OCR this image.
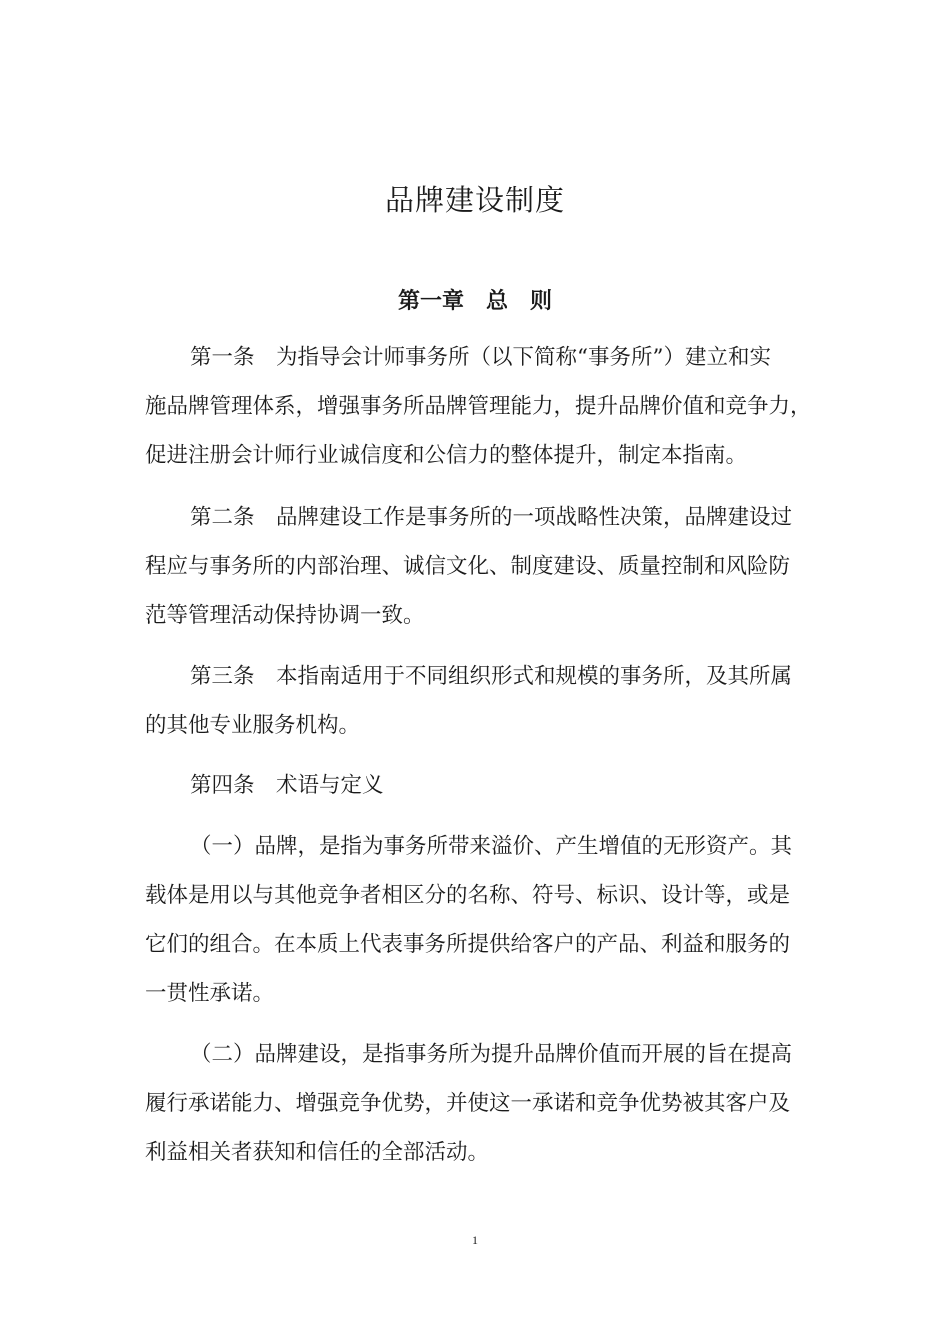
品牌建设制度
第一章　总　则

第一条　为指导会计师事务所（以下简称“事务所”）建立和实

施品牌管理体系，增强事务所品牌管理能力，提升品牌价值和竞争力，

促进注册会计师行业诚信度和公信力的整体提升，制定本指南。

第二条　品牌建设工作是事务所的一项战略性决策，品牌建设过

程应与事务所的内部治理、诚信文化、制度建设、质量控制和风险防

范等管理活动保持协调一致。

第三条　本指南适用于不同组织形式和规模的事务所，及其所属

的其他专业服务机构。

第四条　术语与定义

（一）品牌，是指为事务所带来溢价、产生增值的无形资产。其

载体是用以与其他竞争者相区分的名称、符号、标识、设计等，或是

它们的组合。在本质上代表事务所提供给客户的产品、利益和服务的

一贯性承诺。

（二）品牌建设，是指事务所为提升品牌价值而开展的旨在提高

履行承诺能力、增强竞争优势，并使这一承诺和竞争优势被其客户及

利益相关者获知和信任的全部活动。

1
